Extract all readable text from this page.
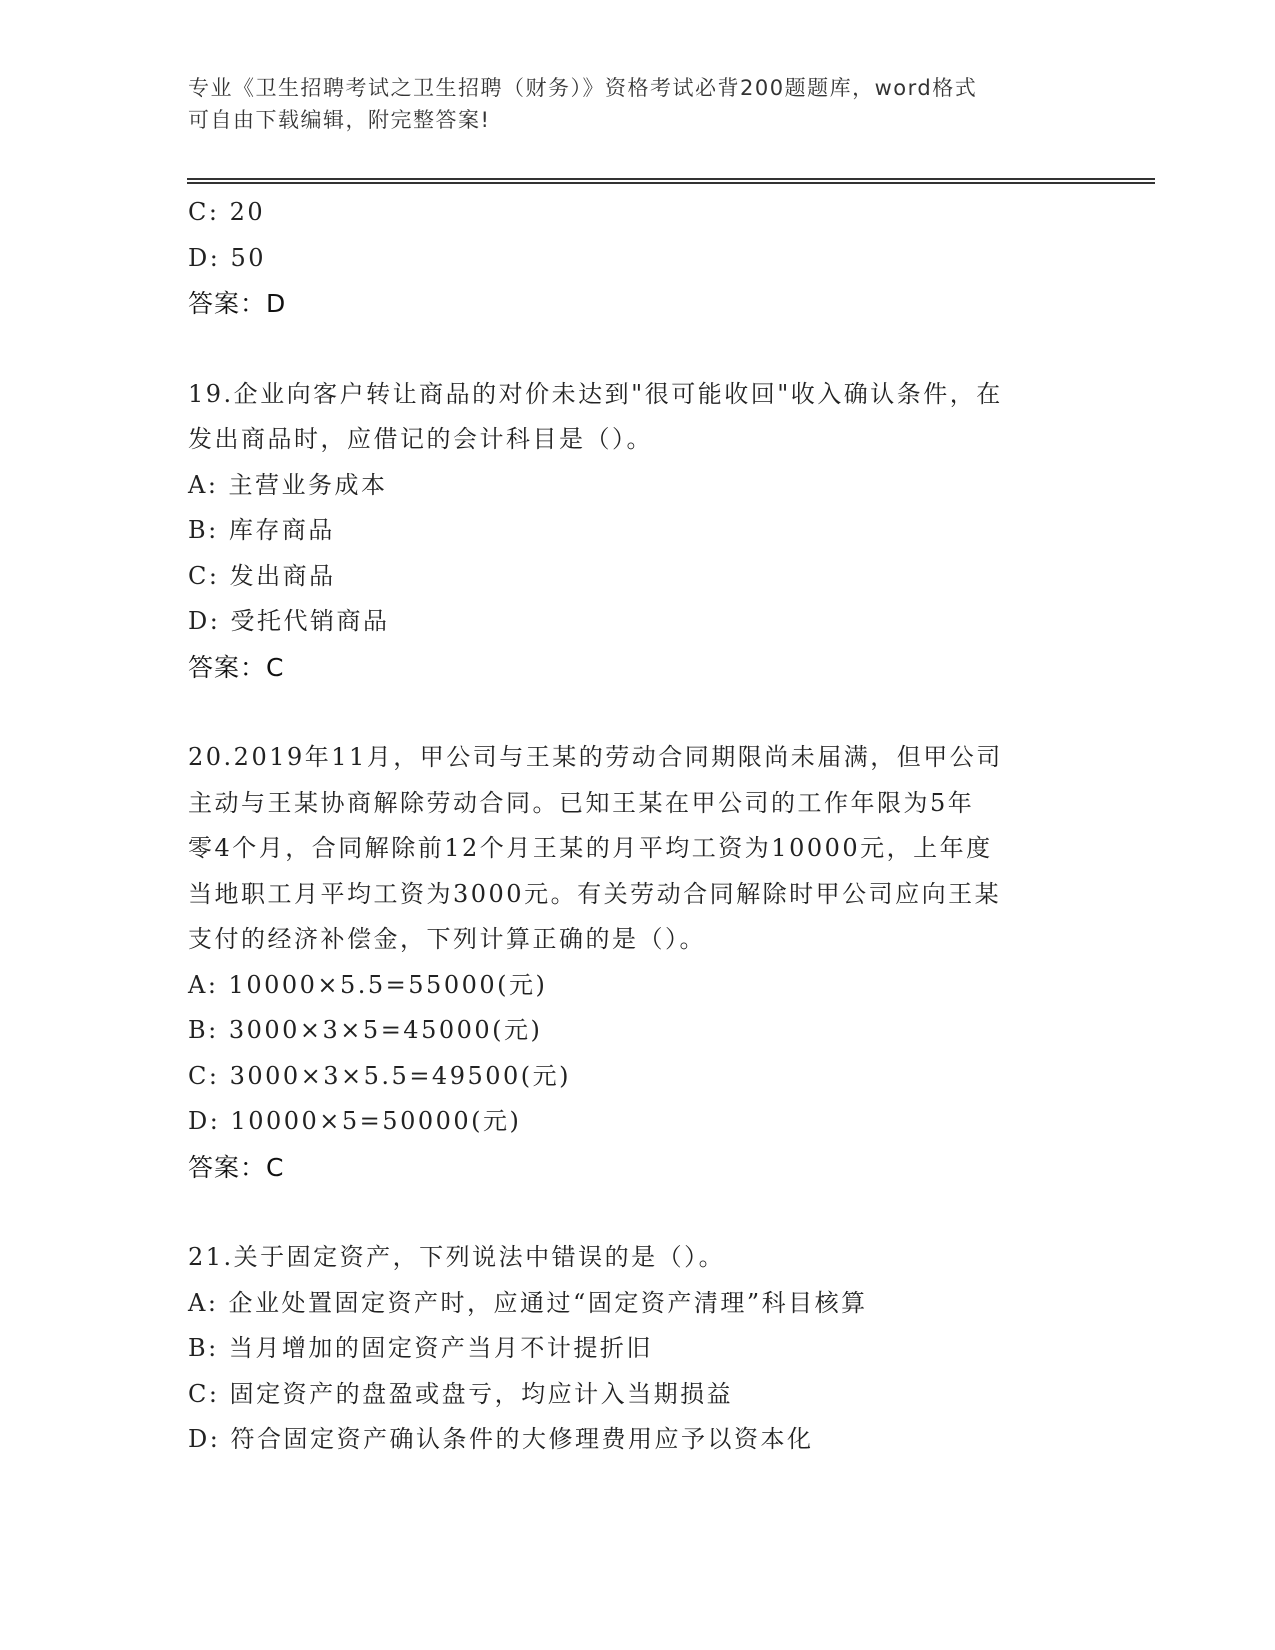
专业《卫生招聘考试之卫生招聘（财务）》资格考试必背200题题库，word格式
可自由下载编辑，附完整答案!
C: 20
D: 50
答案：D
19.企业向客户转让商品的对价未达到"很可能收回"收入确认条件，在
发出商品时，应借记的会计科目是（）。
A: 主营业务成本
B: 库存商品
C: 发出商品
D: 受托代销商品
答案：C
20.2019年11月，甲公司与王某的劳动合同期限尚未届满，但甲公司
主动与王某协商解除劳动合同。已知王某在甲公司的工作年限为5年
零4个月，合同解除前12个月王某的月平均工资为10000元，上年度
当地职工月平均工资为3000元。有关劳动合同解除时甲公司应向王某
支付的经济补偿金，下列计算正确的是（）。
A: 10000×5.5=55000(元)
B: 3000×3×5=45000(元)
C: 3000×3×5.5=49500(元)
D: 10000×5=50000(元)
答案：C
21.关于固定资产，下列说法中错误的是（）。
A: 企业处置固定资产时，应通过“固定资产清理”科目核算
B: 当月增加的固定资产当月不计提折旧
C: 固定资产的盘盈或盘亏，均应计入当期损益
D: 符合固定资产确认条件的大修理费用应予以资本化
